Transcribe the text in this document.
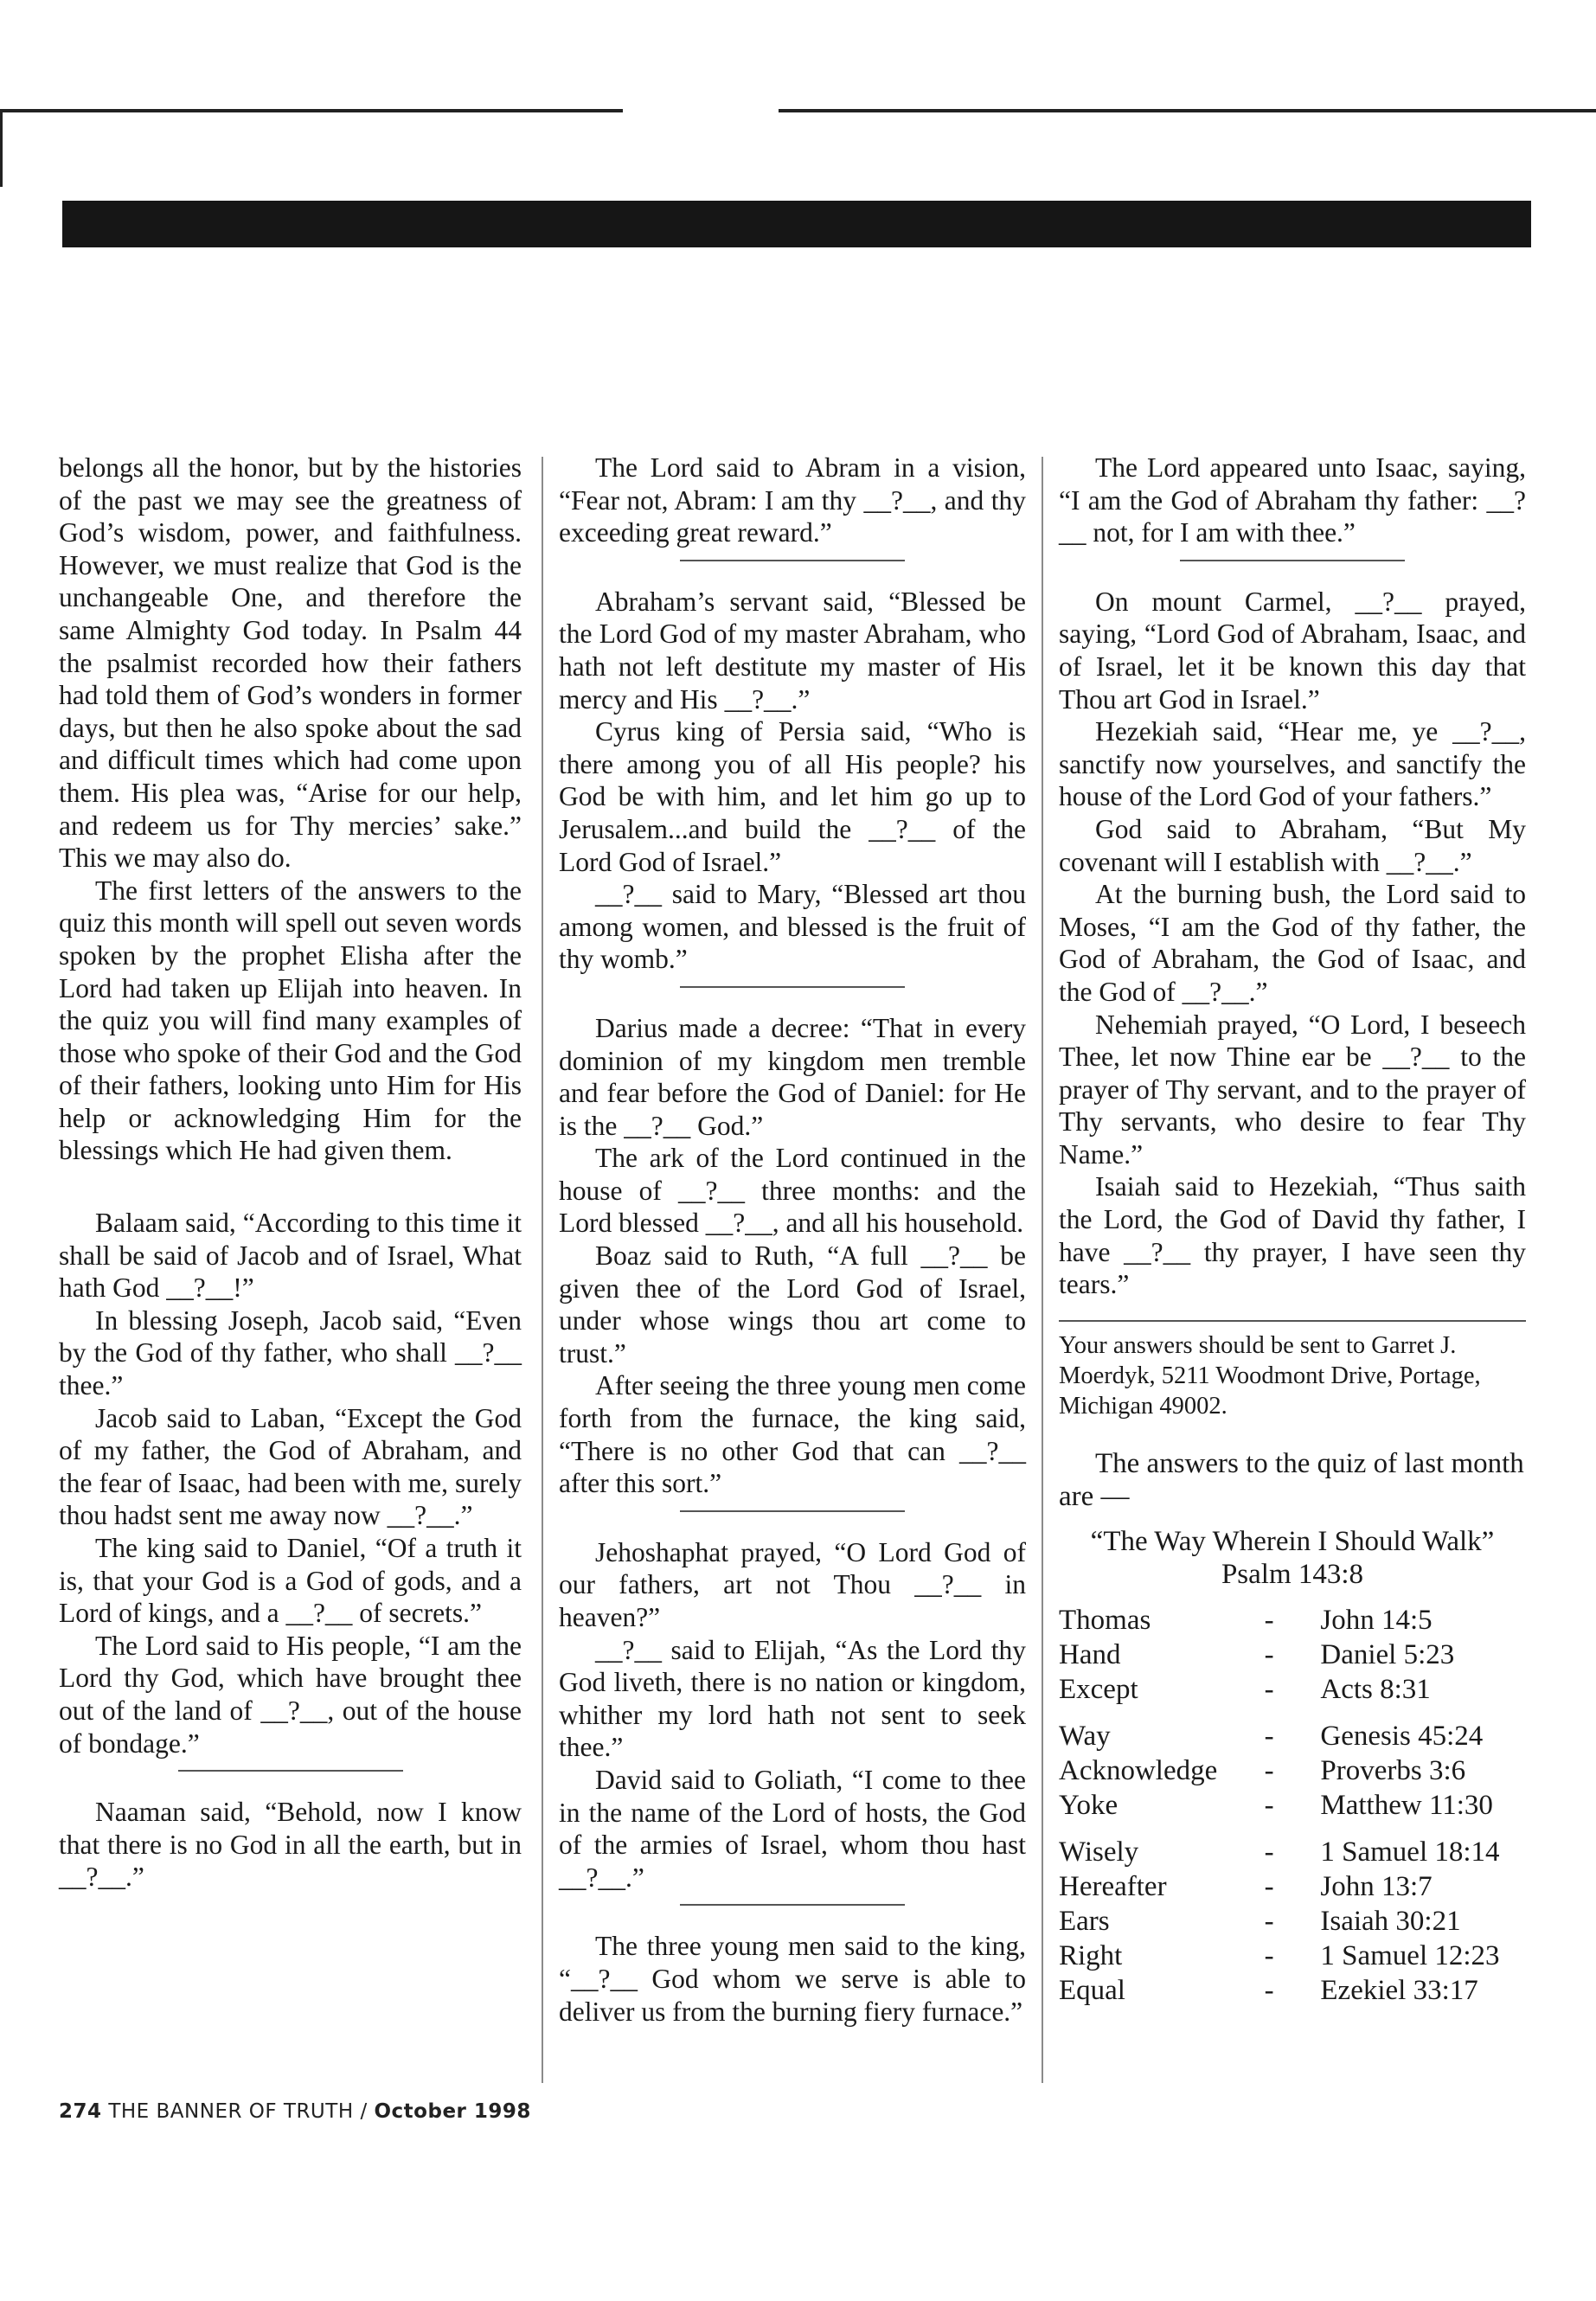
belongs all the honor, but by the histories of the past we may see the greatness of God’s wisdom, power, and faithfulness. However, we must realize that God is the unchangeable One, and therefore the same Almighty God today. In Psalm 44 the psalmist recorded how their fathers had told them of God’s wonders in former days, but then he also spoke about the sad and difficult times which had come upon them. His plea was, “Arise for our help, and redeem us for Thy mercies’ sake.” This we may also do.

The first letters of the answers to the quiz this month will spell out seven words spoken by the prophet Elisha after the Lord had taken up Elijah into heaven. In the quiz you will find many examples of those who spoke of their God and the God of their fathers, looking unto Him for His help or acknowledging Him for the blessings which He had given them.

Balaam said, “According to this time it shall be said of Jacob and of Israel, What hath God __?__!”

In blessing Joseph, Jacob said, “Even by the God of thy father, who shall __?__ thee.”

Jacob said to Laban, “Except the God of my father, the God of Abraham, and the fear of Isaac, had been with me, surely thou hadst sent me away now __?__.”

The king said to Daniel, “Of a truth it is, that your God is a God of gods, and a Lord of kings, and a __?__ of secrets.”

The Lord said to His people, “I am the Lord thy God, which have brought thee out of the land of __?__, out of the house of bondage.”

Naaman said, “Behold, now I know that there is no God in all the earth, but in __?__.”

The Lord said to Abram in a vision, “Fear not, Abram: I am thy __?__, and thy exceeding great reward.”

Abraham’s servant said, “Blessed be the Lord God of my master Abraham, who hath not left destitute my master of His mercy and His __?__.”

Cyrus king of Persia said, “Who is there among you of all His people? his God be with him, and let him go up to Jerusalem...and build the __?__ of the Lord God of Israel.”

__?__ said to Mary, “Blessed art thou among women, and blessed is the fruit of thy womb.”

Darius made a decree: “That in every dominion of my kingdom men tremble and fear before the God of Daniel: for He is the __?__ God.”

The ark of the Lord continued in the house of __?__ three months: and the Lord blessed __?__, and all his household.

Boaz said to Ruth, “A full __?__ be given thee of the Lord God of Israel, under whose wings thou art come to trust.”

After seeing the three young men come forth from the furnace, the king said, “There is no other God that can __?__ after this sort.”

Jehoshaphat prayed, “O Lord God of our fathers, art not Thou __?__ in heaven?”

__?__ said to Elijah, “As the Lord thy God liveth, there is no nation or kingdom, whither my lord hath not sent to seek thee.”

David said to Goliath, “I come to thee in the name of the Lord of hosts, the God of the armies of Israel, whom thou hast __?__.”

The three young men said to the king, “__?__ God whom we serve is able to deliver us from the burning fiery furnace.”

The Lord appeared unto Isaac, saying, “I am the God of Abraham thy father: __?__ not, for I am with thee.”

On mount Carmel, __?__ prayed, saying, “Lord God of Abraham, Isaac, and of Israel, let it be known this day that Thou art God in Israel.”

Hezekiah said, “Hear me, ye __?__, sanctify now yourselves, and sanctify the house of the Lord God of your fathers.”

God said to Abraham, “But My covenant will I establish with __?__.”

At the burning bush, the Lord said to Moses, “I am the God of thy father, the God of Abraham, the God of Isaac, and the God of __?__.”

Nehemiah prayed, “O Lord, I beseech Thee, let now Thine ear be __?__ to the prayer of Thy servant, and to the prayer of Thy servants, who desire to fear Thy Name.”

Isaiah said to Hezekiah, “Thus saith the Lord, the God of David thy father, I have __?__ thy prayer, I have seen thy tears.”

Your answers should be sent to Garret J. Moerdyk, 5211 Woodmont Drive, Portage, Michigan 49002.

The answers to the quiz of last month are —

“The Way Wherein I Should Walk”

Psalm 143:8

Thomas	-	John 14:5
Hand	-	Daniel 5:23
Except	-	Acts 8:31
Way	-	Genesis 45:24
Acknowledge	-	Proverbs 3:6
Yoke	-	Matthew 11:30
Wisely	-	1 Samuel 18:14
Hereafter	-	John 13:7
Ears	-	Isaiah 30:21
Right	-	1 Samuel 12:23
Equal	-	Ezekiel 33:17
274 THE BANNER OF TRUTH / October 1998
